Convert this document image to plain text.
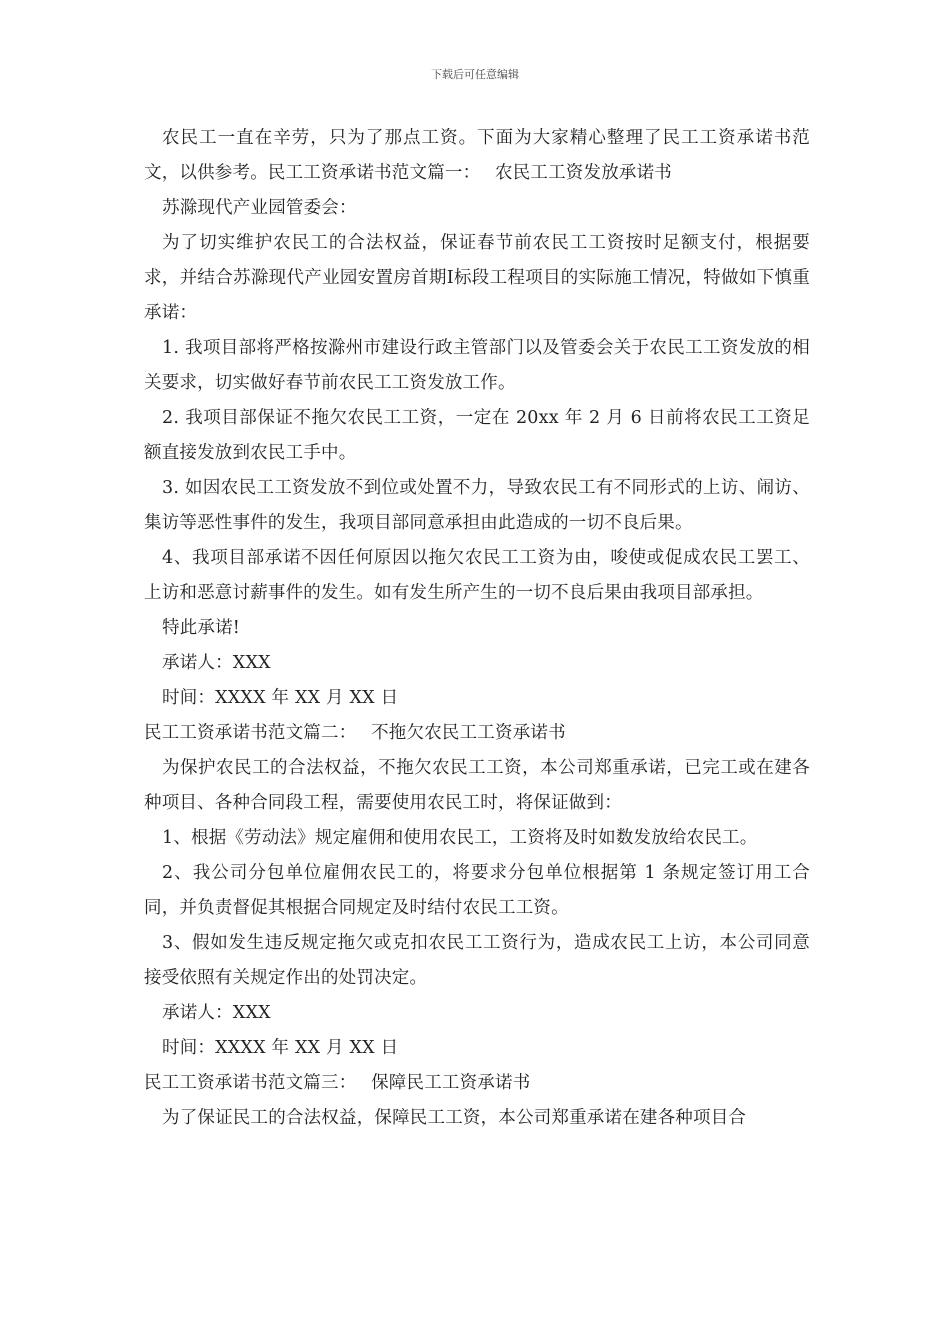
下载后可任意编辑

农民工一直在辛劳，只为了那点工资。下面为大家精心整理了民工工资承诺书范文，以供参考。民工工资承诺书范文篇一：　 农民工工资发放承诺书

苏滁现代产业园管委会：

为了切实维护农民工的合法权益，保证春节前农民工工资按时足额支付，根据要求，并结合苏滁现代产业园安置房首期Ⅰ标段工程项目的实际施工情况，特做如下慎重承诺：

1. 我项目部将严格按滁州市建设行政主管部门以及管委会关于农民工工资发放的相关要求，切实做好春节前农民工工资发放工作。

2. 我项目部保证不拖欠农民工工资，一定在 20xx 年 2 月 6 日前将农民工工资足额直接发放到农民工手中。

3. 如因农民工工资发放不到位或处置不力，导致农民工有不同形式的上访、闹访、集访等恶性事件的发生，我项目部同意承担由此造成的一切不良后果。

4、我项目部承诺不因任何原因以拖欠农民工工资为由，唆使或促成农民工罢工、上访和恶意讨薪事件的发生。如有发生所产生的一切不良后果由我项目部承担。

特此承诺!

承诺人：XXX

时间：XXXX 年 XX 月 XX 日

民工工资承诺书范文篇二：　 不拖欠农民工工资承诺书

为保护农民工的合法权益，不拖欠农民工工资，本公司郑重承诺，已完工或在建各种项目、各种合同段工程，需要使用农民工时，将保证做到：

1、根据《劳动法》规定雇佣和使用农民工，工资将及时如数发放给农民工。

2、我公司分包单位雇佣农民工的，将要求分包单位根据第 1 条规定签订用工合同，并负责督促其根据合同规定及时结付农民工工资。

3、假如发生违反规定拖欠或克扣农民工工资行为，造成农民工上访，本公司同意接受依照有关规定作出的处罚决定。

承诺人：XXX

时间：XXXX 年 XX 月 XX 日

民工工资承诺书范文篇三：　 保障民工工资承诺书

为了保证民工的合法权益，保障民工工资，本公司郑重承诺在建各种项目合
